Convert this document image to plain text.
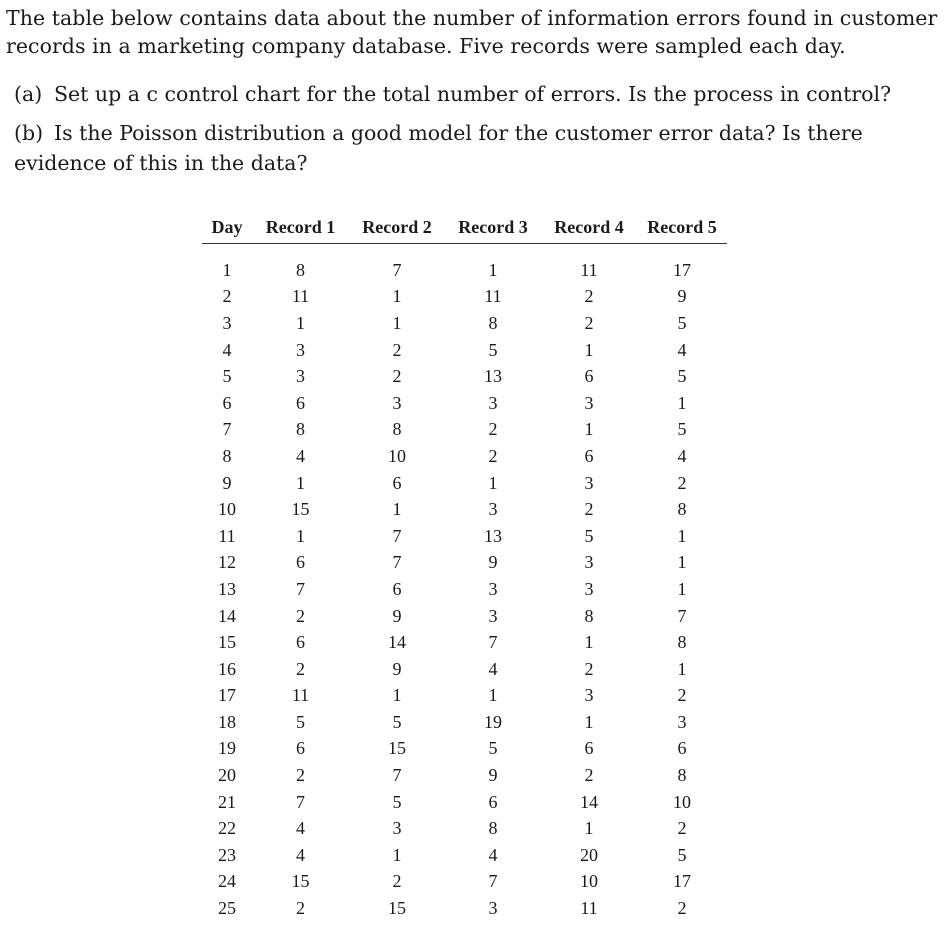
The table below contains data about the number of information errors found in customer records in a marketing company database. Five records were sampled each day.
(a) Set up a c control chart for the total number of errors. Is the process in control?
(b) Is the Poisson distribution a good model for the customer error data? Is there evidence of this in the data?
Day	Record 1	Record 2	Record 3	Record 4	Record 5
1	8	7	1	11	17
2	11	1	11	2	9
3	1	1	8	2	5
4	3	2	5	1	4
5	3	2	13	6	5
6	6	3	3	3	1
7	8	8	2	1	5
8	4	10	2	6	4
9	1	6	1	3	2
10	15	1	3	2	8
11	1	7	13	5	1
12	6	7	9	3	1
13	7	6	3	3	1
14	2	9	3	8	7
15	6	14	7	1	8
16	2	9	4	2	1
17	11	1	1	3	2
18	5	5	19	1	3
19	6	15	5	6	6
20	2	7	9	2	8
21	7	5	6	14	10
22	4	3	8	1	2
23	4	1	4	20	5
24	15	2	7	10	17
25	2	15	3	11	2
